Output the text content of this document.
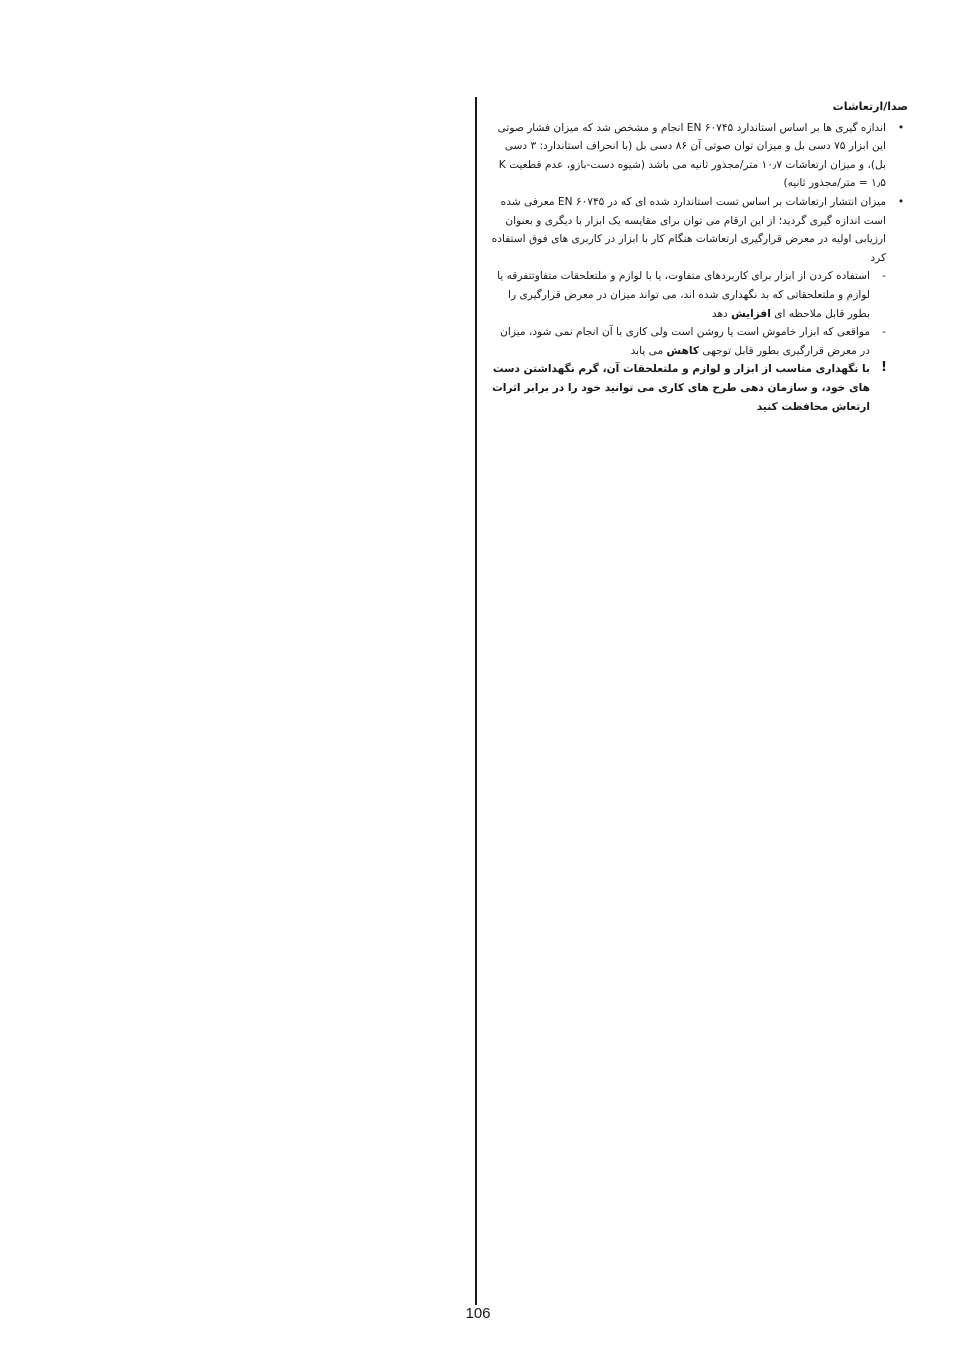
صدا/ارتعاشات

•
اندازه گیری ها بر اساس استاندارد EN ۶۰۷۴۵ انجام و مشخص شد که میزان فشار صوتی این ابزار ۷۵ دسی بل و میزان توان صوتی آن ۸۶ دسی بل (با انحراف استاندارد: ۳ دسی بل)، و میزان ارتعاشات ۱۰٫۷ متر/مجذور ثانیه می باشد (شیوه دست-بازو، عدم قطعیت K = ۱٫۵ متر/مجذور ثانیه)

•
میزان انتشار ارتعاشات بر اساس تست استاندارد شده ای که در EN ۶۰۷۴۵ معرفی شده است اندازه گیری گردید؛ از این ارقام می توان برای مقایسه یک ابزار با دیگری و بعنوان ارزیابی اولیه در معرض قرارگیری ارتعاشات هنگام کار با ابزار در کاربری های فوق استفاده کرد

-
استفاده کردن از ابزار برای کاربردهای متفاوت، یا با لوازم و ملتعلحقات متفاوتتفرقه یا لوازم و ملتعلحقاتی که بد نگهداری شده اند، می تواند میزان در معرض قرارگیری را بطور قابل ملاحظه ای افزایش دهد

-
مواقعی که ابزار خاموش است یا روشن است ولی کاری با آن انجام نمی شود، میزان در معرض قرارگیری بطور قابل توجهی کاهش می یابد

!
با نگهداری مناسب از ابزار و لوازم و ملتعلحقات آن، گرم نگهداشتن دست های خود، و سازمان دهی طرح های کاری می توانید خود را در برابر اثرات ارتعاش محافظت کنید

106
